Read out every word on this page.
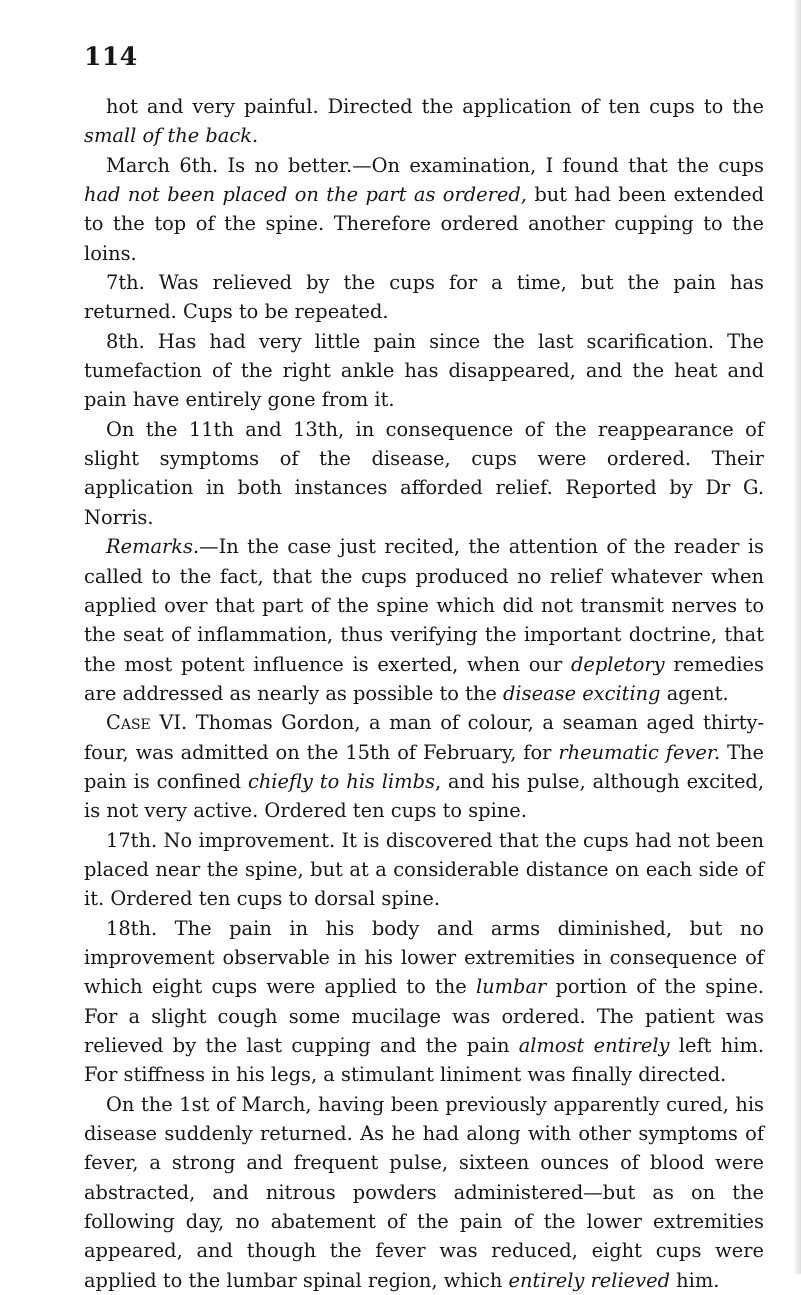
114

hot and very painful. Directed the application of ten cups to the small of the back.

March 6th. Is no better.—On examination, I found that the cups had not been placed on the part as ordered, but had been extended to the top of the spine. Therefore ordered another cupping to the loins.

7th. Was relieved by the cups for a time, but the pain has returned. Cups to be repeated.

8th. Has had very little pain since the last scarification. The tumefaction of the right ankle has disappeared, and the heat and pain have entirely gone from it.

On the 11th and 13th, in consequence of the reappearance of slight symptoms of the disease, cups were ordered. Their application in both instances afforded relief. Reported by Dr G. Norris.

Remarks.—In the case just recited, the attention of the reader is called to the fact, that the cups produced no relief whatever when applied over that part of the spine which did not transmit nerves to the seat of inflammation, thus verifying the important doctrine, that the most potent influence is exerted, when our depletory remedies are addressed as nearly as possible to the disease exciting agent.

Case VI. Thomas Gordon, a man of colour, a seaman aged thirty-four, was admitted on the 15th of February, for rheumatic fever. The pain is confined chiefly to his limbs, and his pulse, although excited, is not very active. Ordered ten cups to spine.

17th. No improvement. It is discovered that the cups had not been placed near the spine, but at a considerable distance on each side of it. Ordered ten cups to dorsal spine.

18th. The pain in his body and arms diminished, but no improvement observable in his lower extremities in consequence of which eight cups were applied to the lumbar portion of the spine. For a slight cough some mucilage was ordered. The patient was relieved by the last cupping and the pain almost entirely left him. For stiffness in his legs, a stimulant liniment was finally directed.

On the 1st of March, having been previously apparently cured, his disease suddenly returned. As he had along with other symptoms of fever, a strong and frequent pulse, sixteen ounces of blood were abstracted, and nitrous powders administered—but as on the following day, no abatement of the pain of the lower extremities appeared, and though the fever was reduced, eight cups were applied to the lumbar spinal region, which entirely relieved him.
